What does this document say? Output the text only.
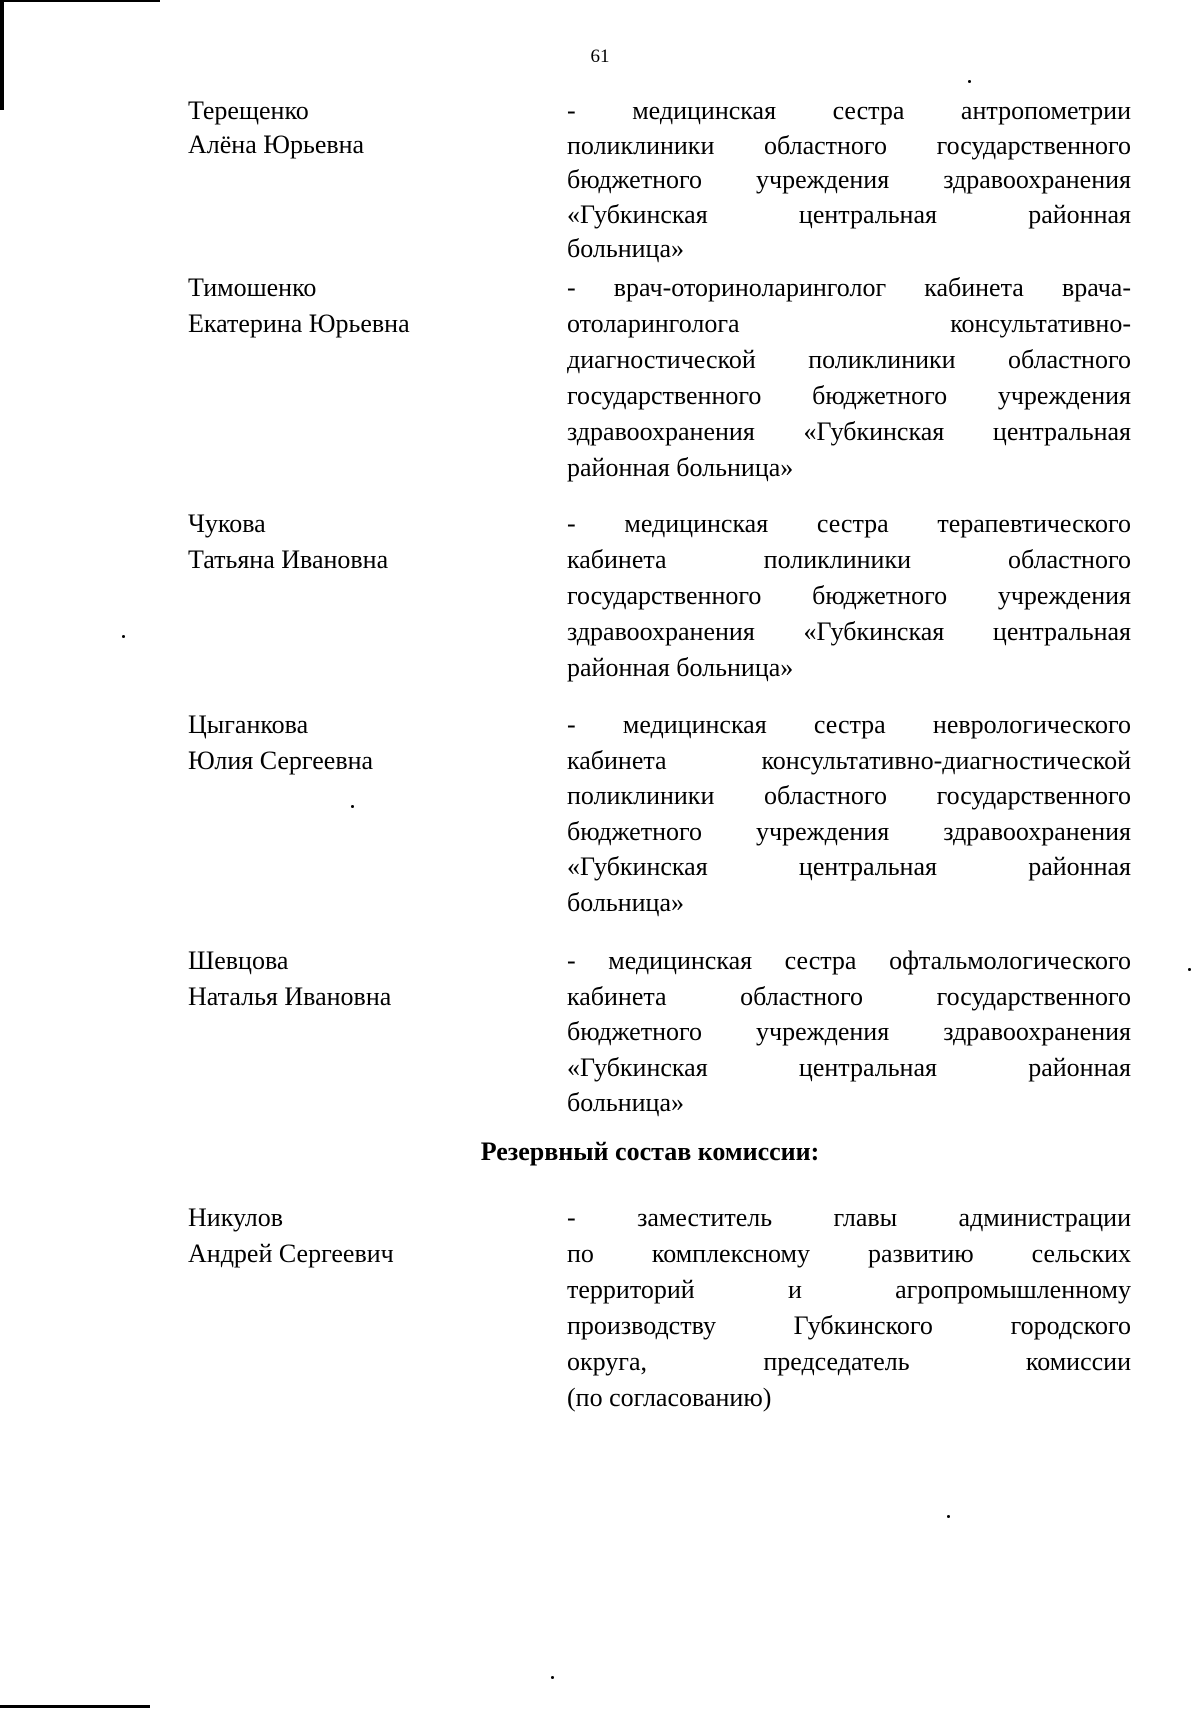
61
Терещенко
Алёна Юрьевна
- медицинская сестра антропометрии
поликлиники областного государственного
бюджетного учреждения здравоохранения
«Губкинская центральная районная
больница»
Тимошенко
Екатерина Юрьевна
- врач-оториноларинголог кабинета врача-
отоларинголога консультативно-
диагностической поликлиники областного
государственного бюджетного учреждения
здравоохранения «Губкинская центральная
районная больница»
Чукова
Татьяна Ивановна
- медицинская сестра терапевтического
кабинета поликлиники областного
государственного бюджетного учреждения
здравоохранения «Губкинская центральная
районная больница»
Цыганкова
Юлия Сергеевна
- медицинская сестра неврологического
кабинета консультативно-диагностической
поликлиники областного государственного
бюджетного учреждения здравоохранения
«Губкинская центральная районная
больница»
Шевцова
Наталья Ивановна
- медицинская сестра офтальмологического
кабинета областного государственного
бюджетного учреждения здравоохранения
«Губкинская центральная районная
больница»
Резервный состав комиссии:
Никулов
Андрей Сергеевич
- заместитель главы администрации
по комплексному развитию сельских
территорий и агропромышленному
производству Губкинского городского
округа, председатель комиссии
(по согласованию)
